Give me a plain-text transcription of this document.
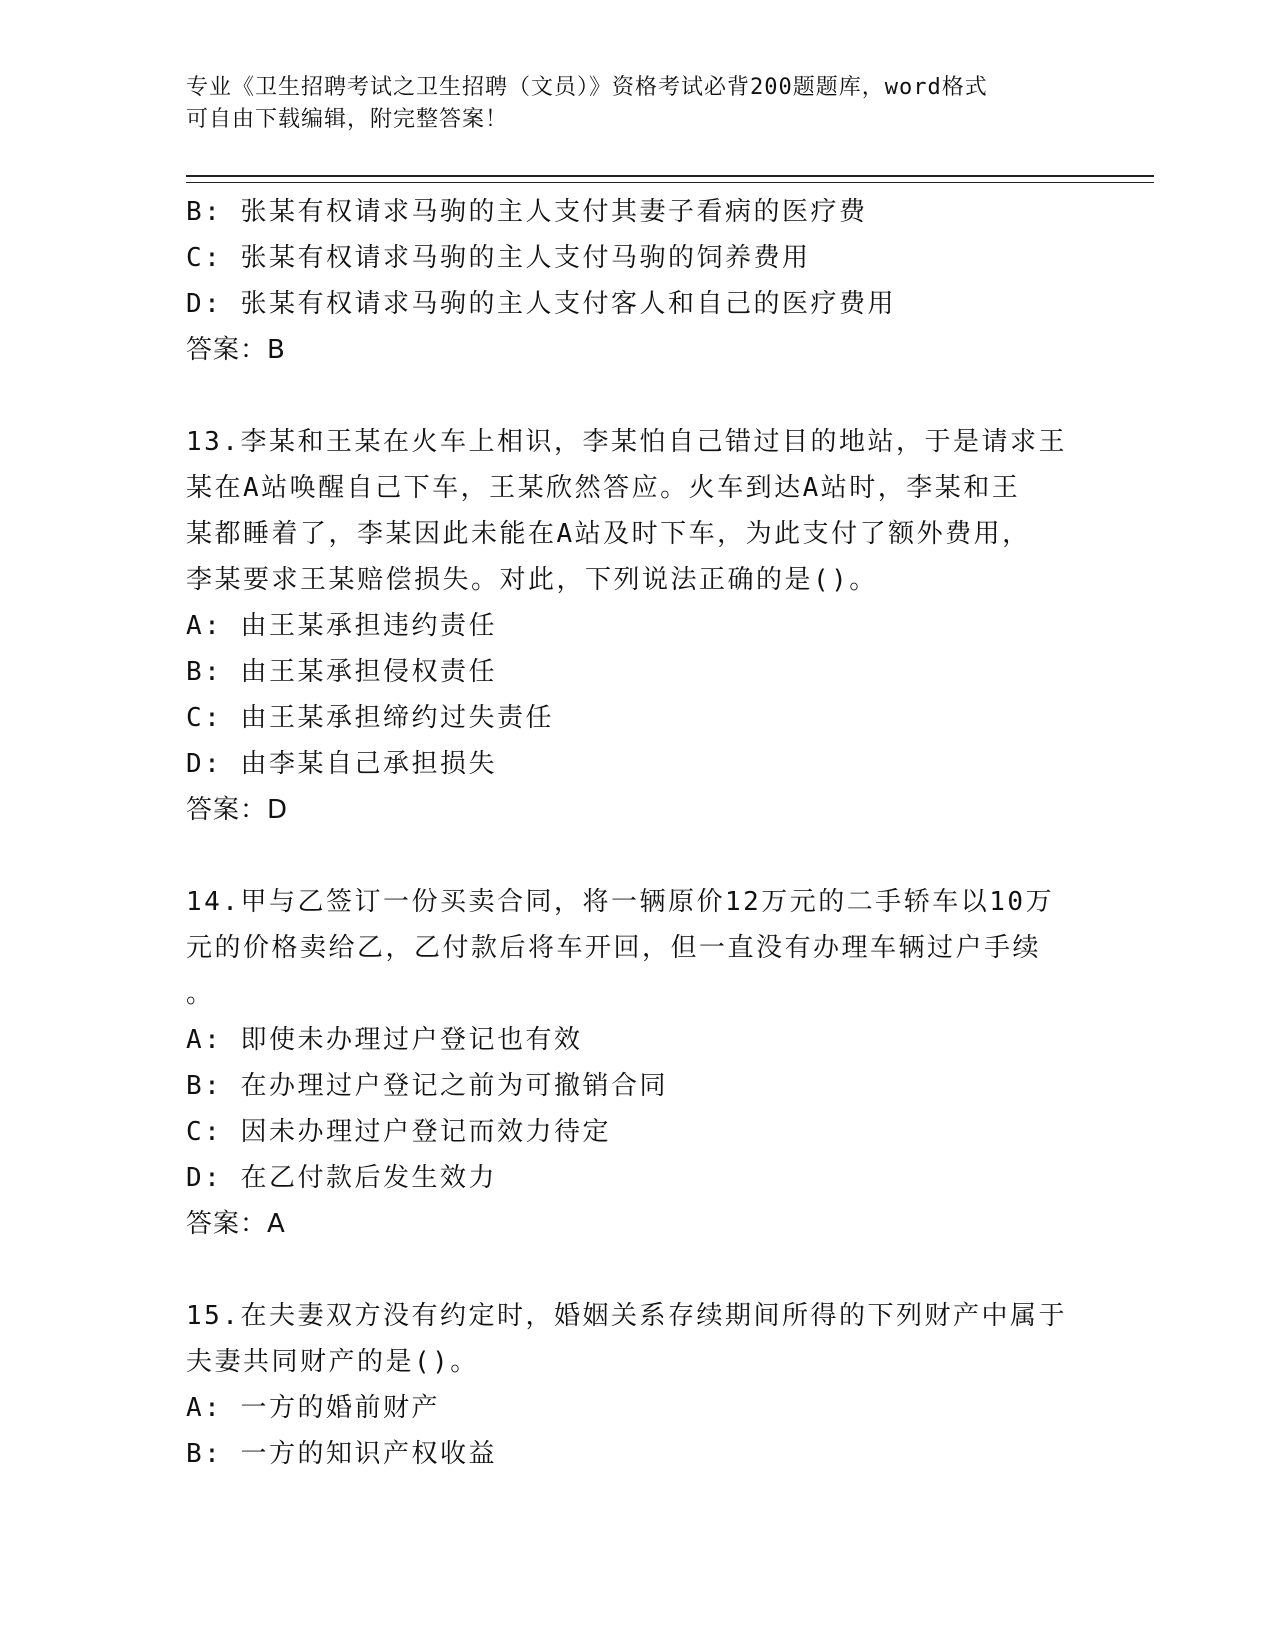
专业《卫生招聘考试之卫生招聘（文员）》资格考试必背200题题库，word格式
可自由下载编辑，附完整答案！
B: 张某有权请求马驹的主人支付其妻子看病的医疗费
C: 张某有权请求马驹的主人支付马驹的饲养费用
D: 张某有权请求马驹的主人支付客人和自己的医疗费用
答案：B
13.李某和王某在火车上相识，李某怕自己错过目的地站，于是请求王
某在A站唤醒自己下车，王某欣然答应。火车到达A站时，李某和王
某都睡着了，李某因此未能在A站及时下车，为此支付了额外费用，
李某要求王某赔偿损失。对此，下列说法正确的是()。
A: 由王某承担违约责任
B: 由王某承担侵权责任
C: 由王某承担缔约过失责任
D: 由李某自己承担损失
答案：D
14.甲与乙签订一份买卖合同，将一辆原价12万元的二手轿车以10万
元的价格卖给乙，乙付款后将车开回，但一直没有办理车辆过户手续
。
A: 即使未办理过户登记也有效
B: 在办理过户登记之前为可撤销合同
C: 因未办理过户登记而效力待定
D: 在乙付款后发生效力
答案：A
15.在夫妻双方没有约定时，婚姻关系存续期间所得的下列财产中属于
夫妻共同财产的是()。
A: 一方的婚前财产
B: 一方的知识产权收益
